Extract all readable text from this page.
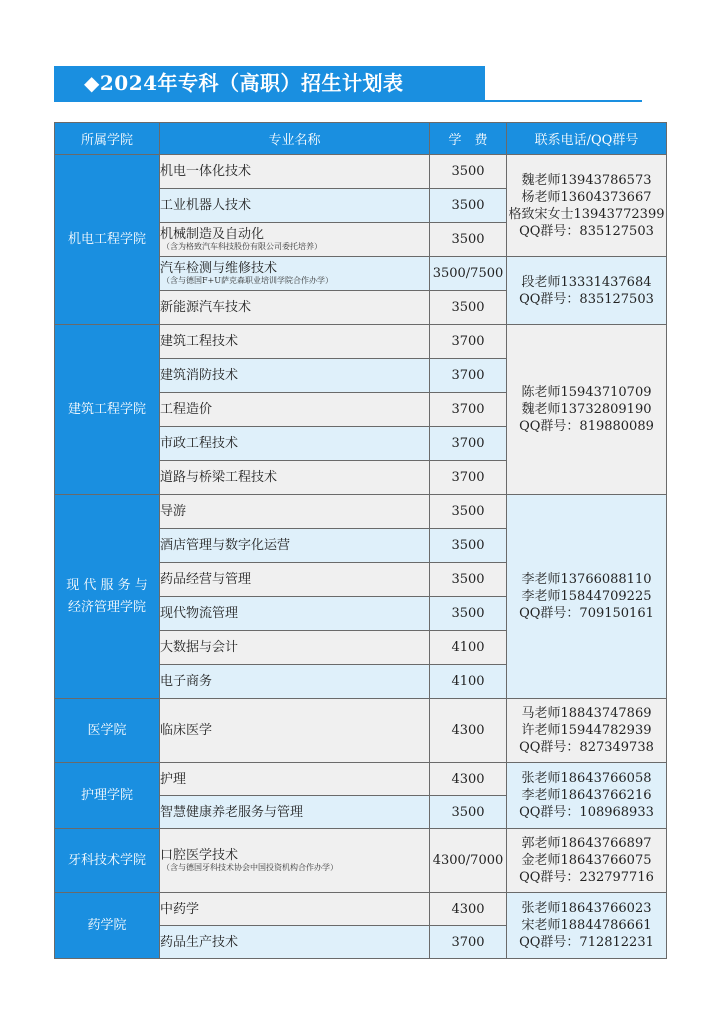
◆2024年专科（高职）招生计划表
所属学院	专业名称	学　费	联系电话/QQ群号

机电工程学院	机电一体化技术	3500	魏老师13943786573
杨老师13604373667
格致宋女士13943772399
QQ群号：835127503

	工业机器人技术	3500	

	机械制造及自动化
（含为格致汽车科技股份有限公司委托培养）	3500	

	汽车检测与维修技术
（含与德国F+U萨克森职业培训学院合作办学）	3500/7500	段老师13331437684
QQ群号：835127503

	新能源汽车技术	3500	

建筑工程学院	建筑工程技术	3700	陈老师15943710709
魏老师13732809190
QQ群号：819880089

	建筑消防技术	3700	

	工程造价	3700	

	市政工程技术	3700	

	道路与桥梁工程技术	3700	

现 代 服 务 与
经济管理学院	导游	3500	李老师13766088110
李老师15844709225
QQ群号：709150161

	酒店管理与数字化运营	3500	

	药品经营与管理	3500	

	现代物流管理	3500	

	大数据与会计	4100	

	电子商务	4100	

医学院	临床医学	4300	马老师18843747869
许老师15944782939
QQ群号：827349738

护理学院	护理	4300	张老师18643766058
李老师18643766216
QQ群号：108968933

	智慧健康养老服务与管理	3500	

牙科技术学院	口腔医学技术
（含与德国牙科技术协会中国投资机构合作办学）	4300/7000	郭老师18643766897
金老师18643766075
QQ群号：232797716

药学院	中药学	4300	张老师18643766023
宋老师18844786661
QQ群号：712812231

	药品生产技术	3700	
